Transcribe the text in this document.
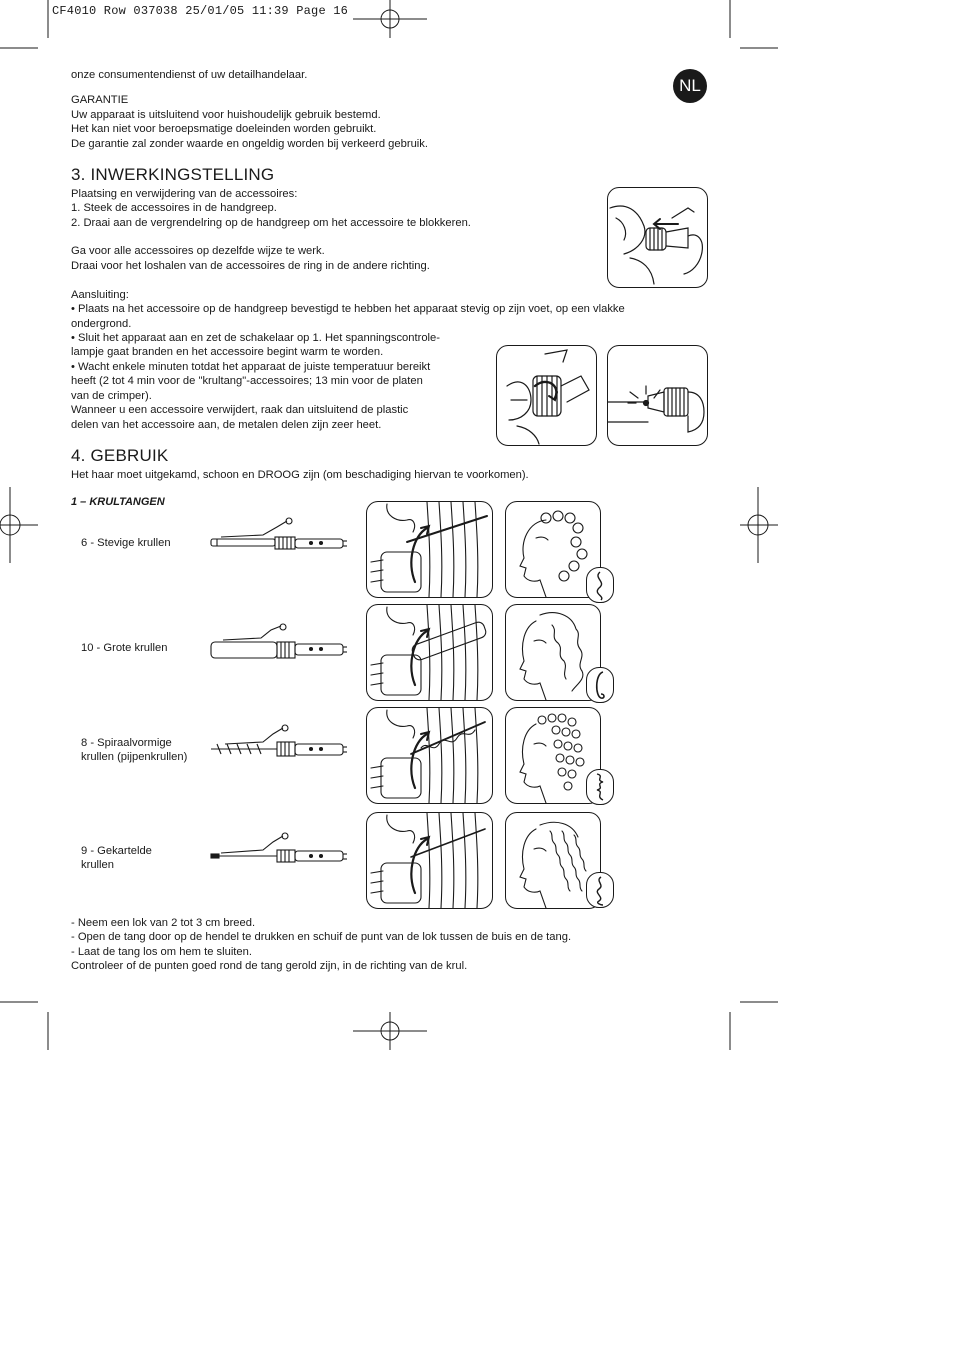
CF4010 Row 037038 25/01/05 11:39 Page 16
NL
onze consumentendienst of uw detailhandelaar.
GARANTIE
Uw apparaat is uitsluitend voor huishoudelijk gebruik bestemd.
Het kan niet voor beroepsmatige doeleinden worden gebruikt.
De garantie zal zonder waarde en ongeldig worden bij verkeerd gebruik.
3. INWERKINGSTELLING
Plaatsing en verwijdering van de accessoires:
1. Steek de accessoires in de handgreep.
2. Draai aan de vergrendelring op de handgreep om het accessoire te blokkeren.
Ga voor alle accessoires op dezelfde wijze te werk.
Draai voor het loshalen van de accessoires de ring in de andere richting.
Aansluiting:
• Plaats na het accessoire op de handgreep bevestigd te hebben het apparaat stevig op zijn voet, op een vlakke
ondergrond.
• Sluit het apparaat aan en zet de schakelaar op 1. Het spanningscontrole-
lampje gaat branden en het accessoire begint warm te worden.
• Wacht enkele minuten totdat het apparaat de juiste temperatuur bereikt
heeft (2 tot 4 min voor de "krultang"-accessoires; 13 min voor de platen
van de crimper).
Wanneer u een accessoire verwijdert, raak dan uitsluitend de plastic
delen van het accessoire aan, de metalen delen zijn zeer heet.
4. GEBRUIK
Het haar moet uitgekamd, schoon en DROOG zijn (om beschadiging hiervan te voorkomen).
1 – KRULTANGEN
6 - Stevige krullen
10 - Grote krullen
8 - Spiraalvormige
krullen (pijpenkrullen)
9 - Gekartelde
krullen
- Neem een lok van 2 tot 3 cm breed.
- Open de tang door op de hendel te drukken en schuif de punt van de lok tussen de buis en de tang.
- Laat de tang los om hem te sluiten.
Controleer of de punten goed rond de tang gerold zijn, in de richting van de krul.
